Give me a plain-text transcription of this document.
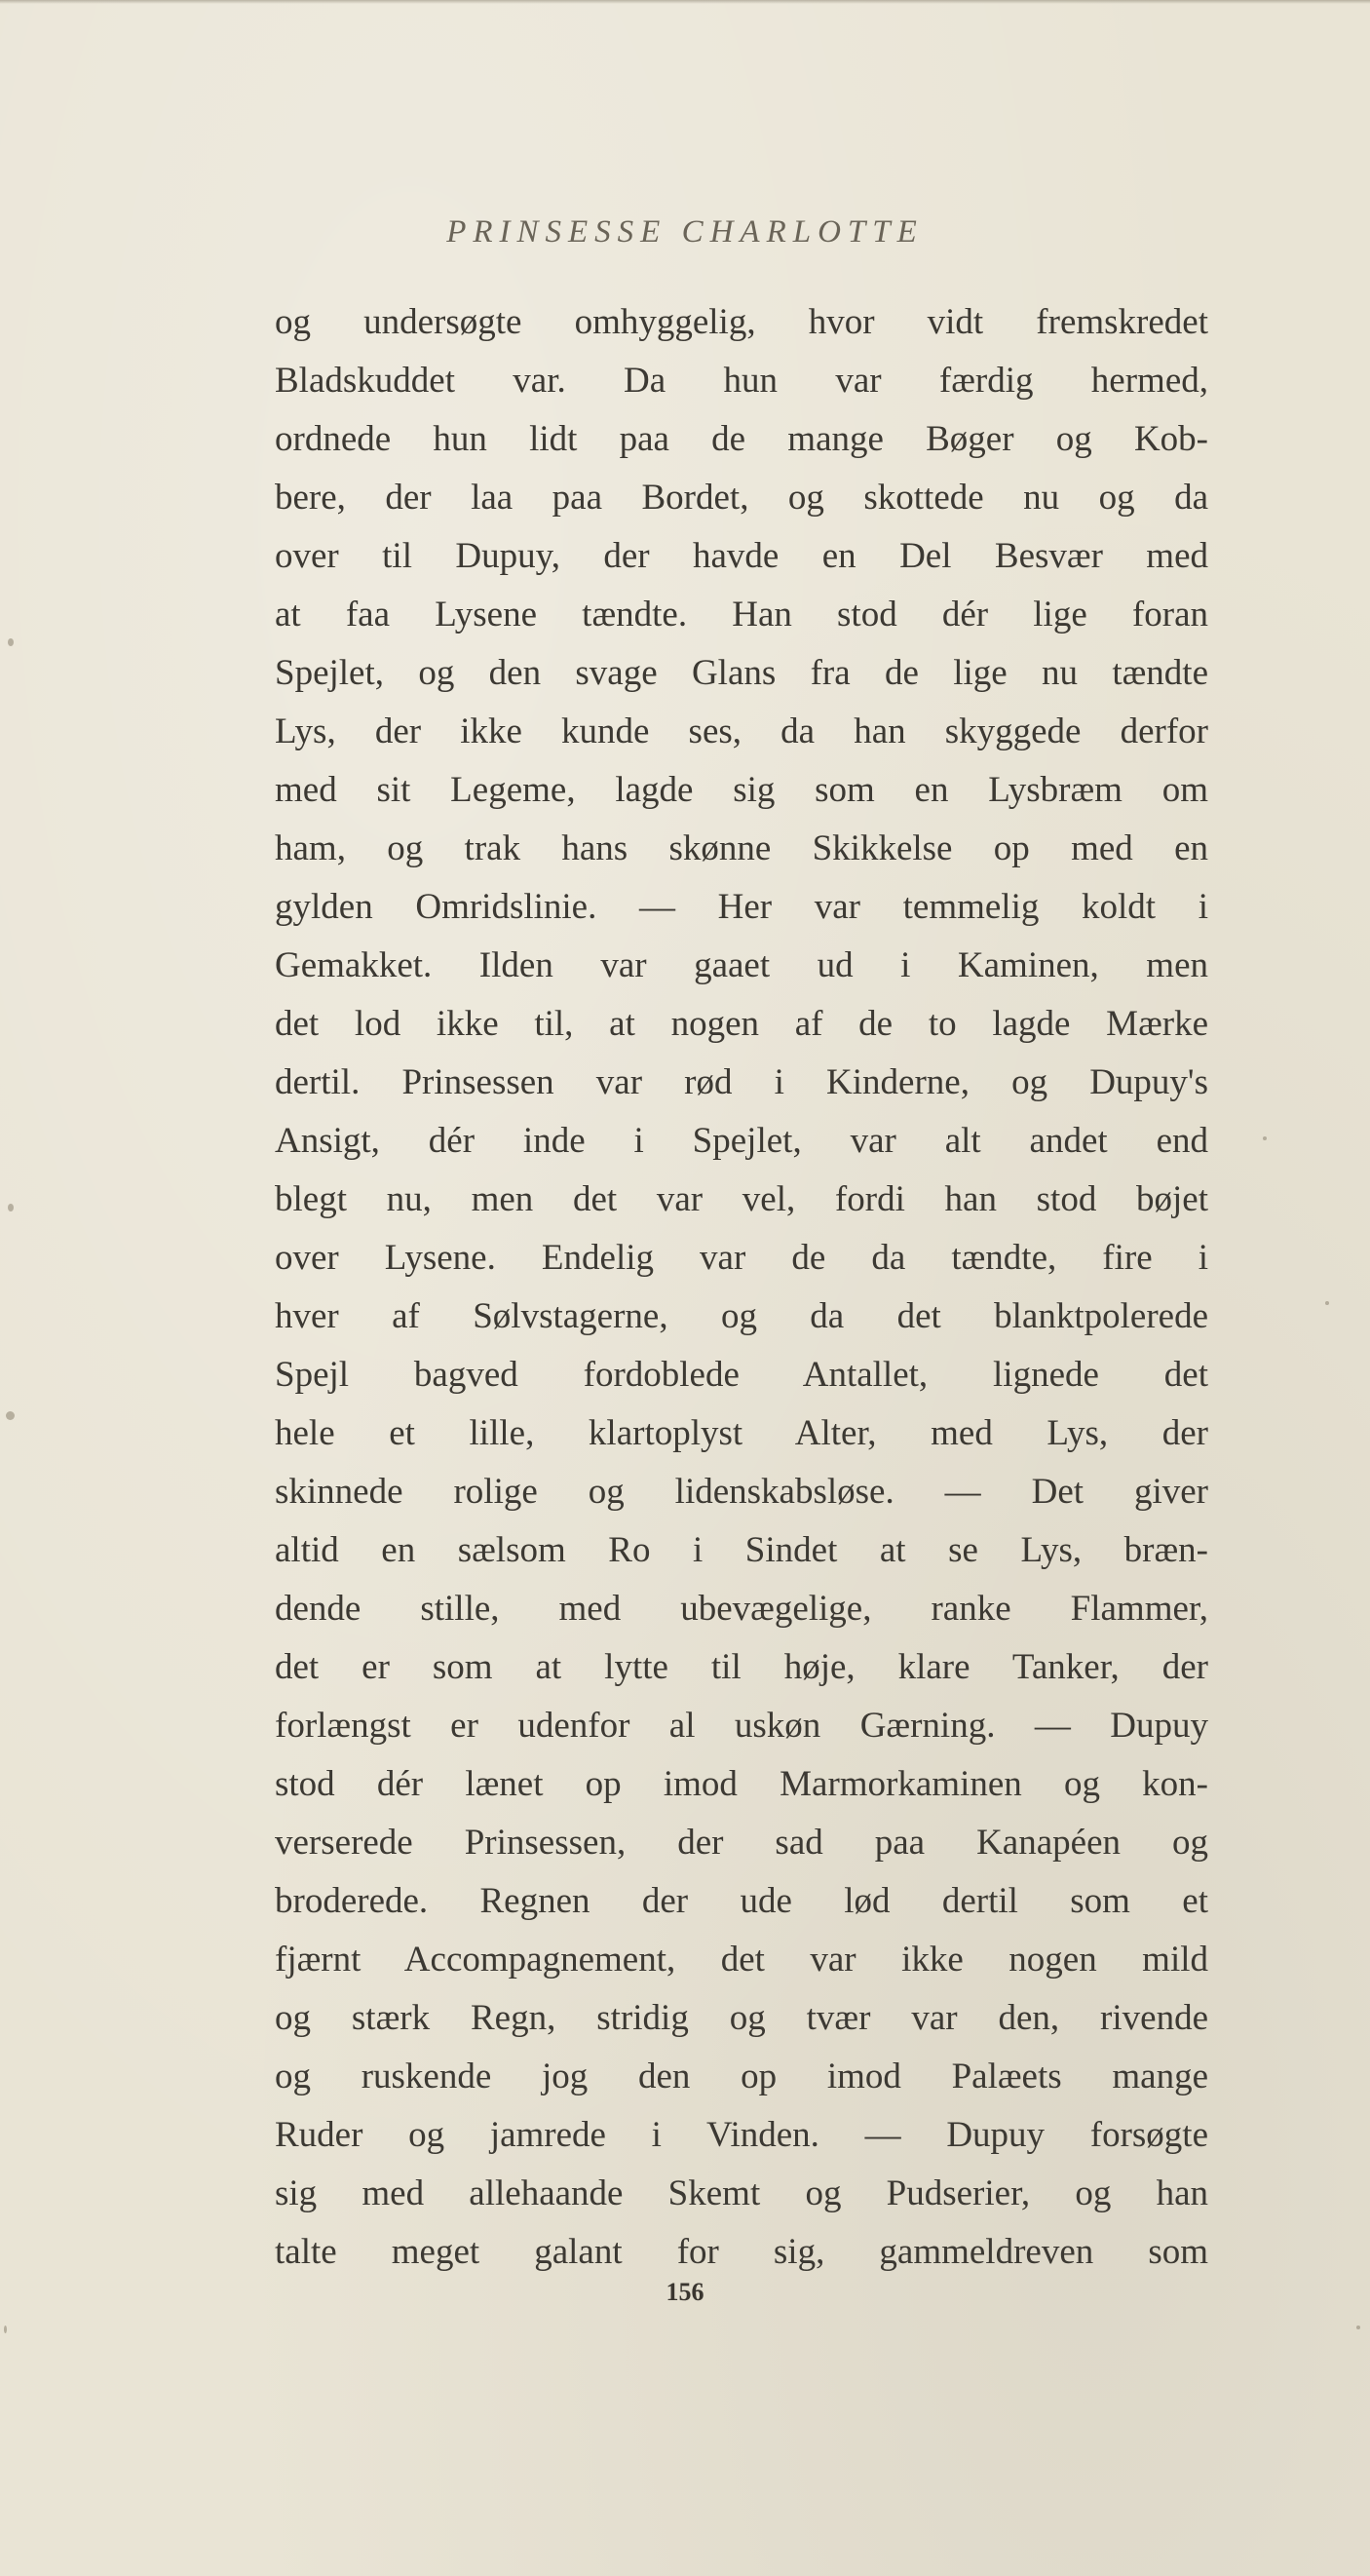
PRINSESSE CHARLOTTE
og undersøgte omhyggelig, hvor vidt fremskredet
Bladskuddet var. Da hun var færdig hermed,
ordnede hun lidt paa de mange Bøger og Kob-
bere, der laa paa Bordet, og skottede nu og da
over til Dupuy, der havde en Del Besvær med
at faa Lysene tændte. Han stod dér lige foran
Spejlet, og den svage Glans fra de lige nu tændte
Lys, der ikke kunde ses, da han skyggede derfor
med sit Legeme, lagde sig som en Lysbræm om
ham, og trak hans skønne Skikkelse op med en
gylden Omridslinie. — Her var temmelig koldt i
Gemakket. Ilden var gaaet ud i Kaminen, men
det lod ikke til, at nogen af de to lagde Mærke
dertil. Prinsessen var rød i Kinderne, og Dupuy's
Ansigt, dér inde i Spejlet, var alt andet end
blegt nu, men det var vel, fordi han stod bøjet
over Lysene. Endelig var de da tændte, fire i
hver af Sølvstagerne, og da det blanktpolerede
Spejl bagved fordoblede Antallet, lignede det
hele et lille, klartoplyst Alter, med Lys, der
skinnede rolige og lidenskabsløse. — Det giver
altid en sælsom Ro i Sindet at se Lys, bræn-
dende stille, med ubevægelige, ranke Flammer,
det er som at lytte til høje, klare Tanker, der
forlængst er udenfor al uskøn Gærning. — Dupuy
stod dér lænet op imod Marmorkaminen og kon-
verserede Prinsessen, der sad paa Kanapéen og
broderede. Regnen der ude lød dertil som et
fjærnt Accompagnement, det var ikke nogen mild
og stærk Regn, stridig og tvær var den, rivende
og ruskende jog den op imod Palæets mange
Ruder og jamrede i Vinden. — Dupuy forsøgte
sig med allehaande Skemt og Pudserier, og han
talte meget galant for sig, gammeldreven som
156
